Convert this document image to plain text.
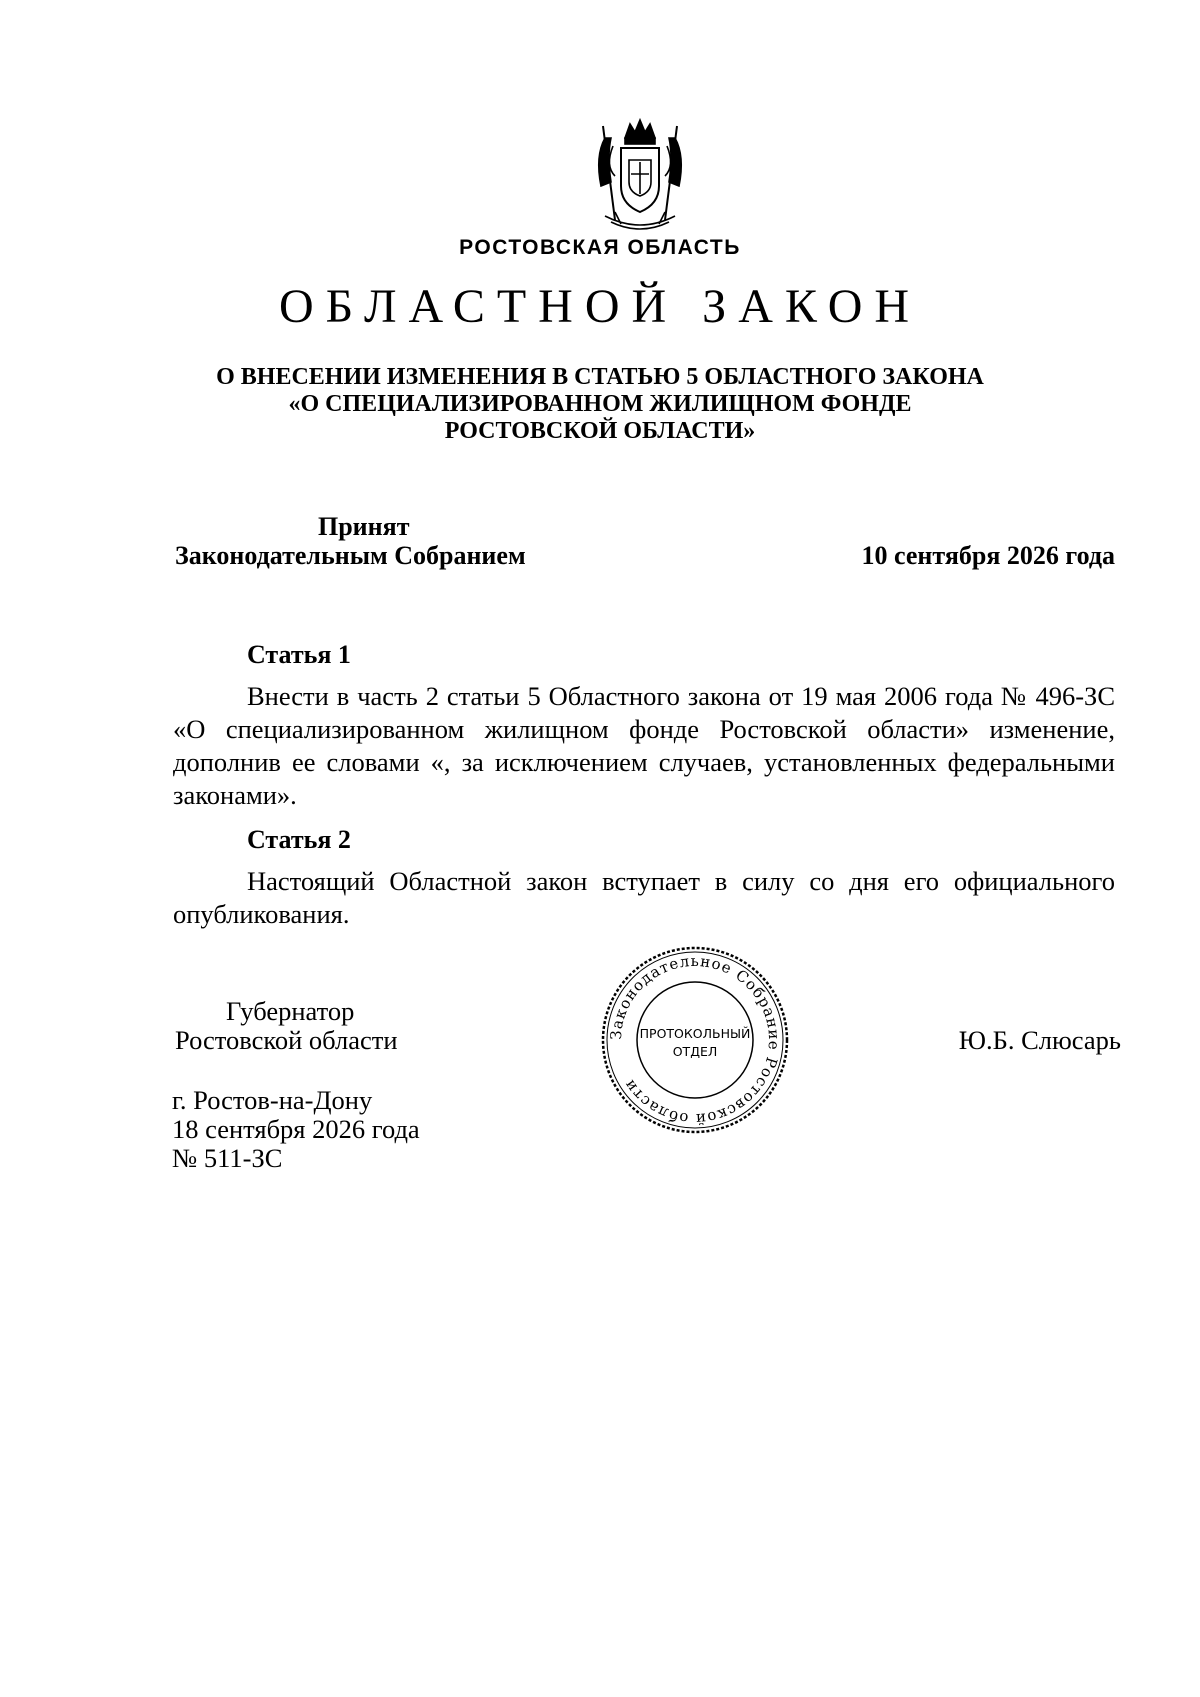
РОСТОВСКАЯ ОБЛАСТЬ
ОБЛАСТНОЙ ЗАКОН
О ВНЕСЕНИИ ИЗМЕНЕНИЯ В СТАТЬЮ 5 ОБЛАСТНОГО ЗАКОНА
«О СПЕЦИАЛИЗИРОВАННОМ ЖИЛИЩНОМ ФОНДЕ
РОСТОВСКОЙ ОБЛАСТИ»
Принят
Законодательным Собранием	10 сентября 2026 года
Статья 1
Внести в часть 2 статьи 5 Областного закона от 19 мая 2006 года № 496-ЗС «О специализированном жилищном фонде Ростовской области» изменение, дополнив ее словами «, за исключением случаев, установленных федеральными законами».
Статья 2
Настоящий Областной закон вступает в силу со дня его официального опубликования.
Губернатор
Ростовской области	Ю.Б. Слюсарь
Законодательное Собрание Ростовской области
ПРОТОКОЛЬНЫЙ
ОТДЕЛ
г. Ростов-на-Дону
18 сентября 2026 года
№ 511-ЗС
